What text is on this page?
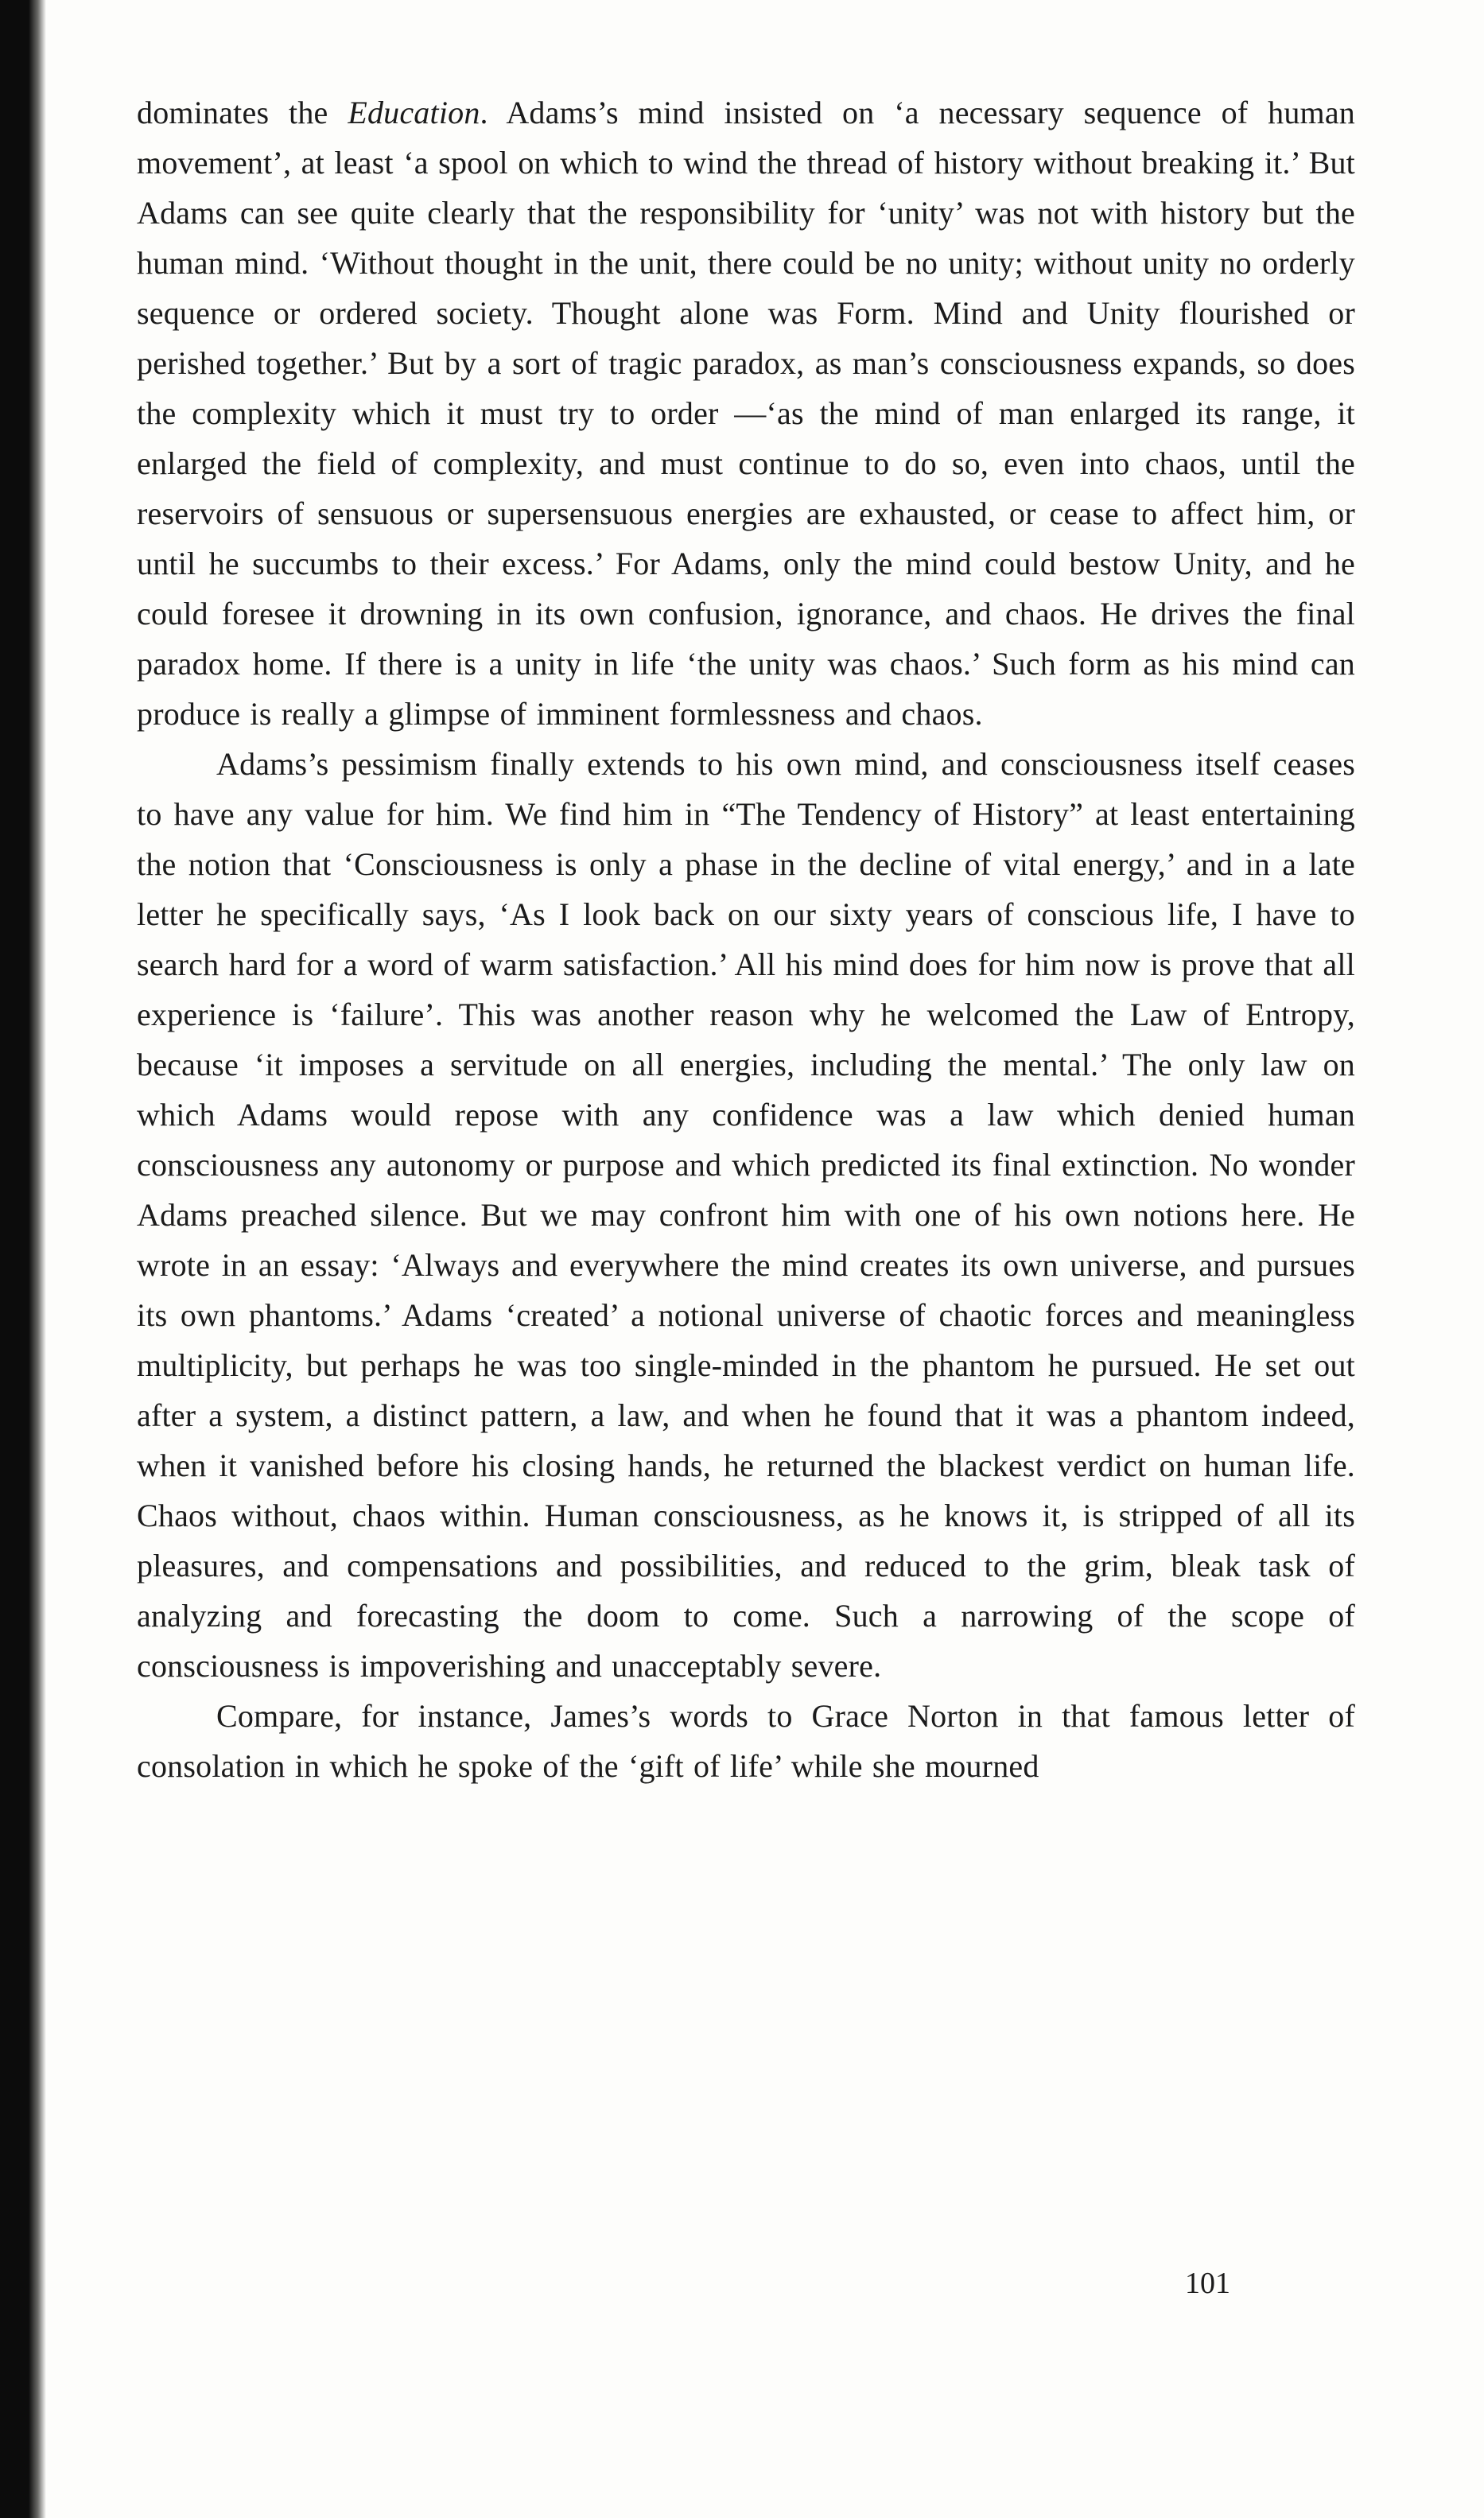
dominates the Education. Adams’s mind insisted on ‘a necessary sequence of human movement’, at least ‘a spool on which to wind the thread of history without breaking it.’ But Adams can see quite clearly that the responsibility for ‘unity’ was not with history but the human mind. ‘Without thought in the unit, there could be no unity; without unity no orderly sequence or ordered society. Thought alone was Form. Mind and Unity flourished or perished together.’ But by a sort of tragic paradox, as man’s consciousness expands, so does the complexity which it must try to order —‘as the mind of man enlarged its range, it enlarged the field of complexity, and must continue to do so, even into chaos, until the reservoirs of sensuous or supersensuous energies are exhausted, or cease to affect him, or until he succumbs to their excess.’ For Adams, only the mind could bestow Unity, and he could foresee it drowning in its own confusion, ignorance, and chaos. He drives the final paradox home. If there is a unity in life ‘the unity was chaos.’ Such form as his mind can produce is really a glimpse of imminent formlessness and chaos.

Adams’s pessimism finally extends to his own mind, and consciousness itself ceases to have any value for him. We find him in “The Tendency of History” at least entertaining the notion that ‘Consciousness is only a phase in the decline of vital energy,’ and in a late letter he specifically says, ‘As I look back on our sixty years of conscious life, I have to search hard for a word of warm satisfaction.’ All his mind does for him now is prove that all experience is ‘failure’. This was another reason why he welcomed the Law of Entropy, because ‘it imposes a servitude on all energies, including the mental.’ The only law on which Adams would repose with any confidence was a law which denied human consciousness any autonomy or purpose and which predicted its final extinction. No wonder Adams preached silence. But we may confront him with one of his own notions here. He wrote in an essay: ‘Always and everywhere the mind creates its own universe, and pursues its own phantoms.’ Adams ‘created’ a notional universe of chaotic forces and meaningless multiplicity, but perhaps he was too single-minded in the phantom he pursued. He set out after a system, a distinct pattern, a law, and when he found that it was a phantom indeed, when it vanished before his closing hands, he returned the blackest verdict on human life. Chaos without, chaos within. Human consciousness, as he knows it, is stripped of all its pleasures, and compensations and possibilities, and reduced to the grim, bleak task of analyzing and forecasting the doom to come. Such a narrowing of the scope of consciousness is impoverishing and unacceptably severe.

Compare, for instance, James’s words to Grace Norton in that famous letter of consolation in which he spoke of the ‘gift of life’ while she mourned

101
